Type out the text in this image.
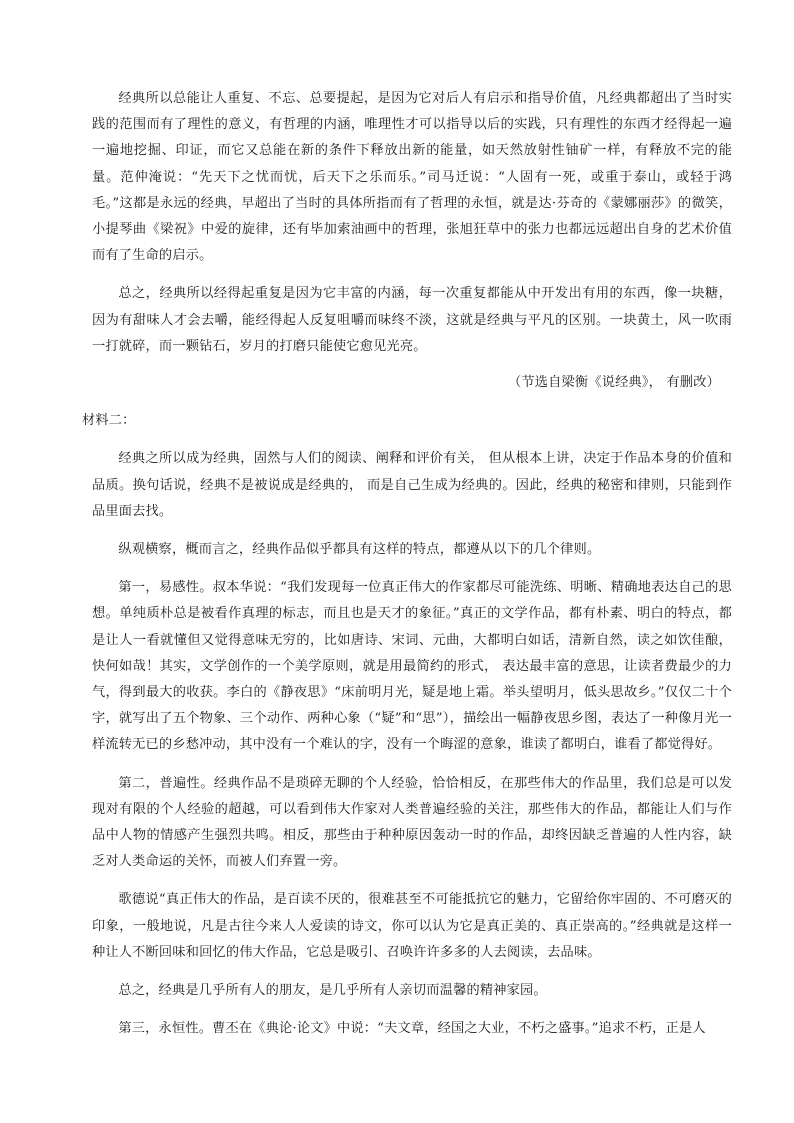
经典所以总能让人重复、不忘、总要提起，是因为它对后人有启示和指导价值，凡经典都超出了当时实践的范围而有了理性的意义，有哲理的内涵，唯理性才可以指导以后的实践，只有理性的东西才经得起一遍一遍地挖掘、印证，而它又总能在新的条件下释放出新的能量，如天然放射性铀矿一样，有释放不完的能量。范仲淹说：“先天下之忧而忧，后天下之乐而乐。”司马迁说：“人固有一死，或重于泰山，或轻于鸿毛。”这都是永远的经典，早超出了当时的具体所指而有了哲理的永恒，就是达·芬奇的《蒙娜丽莎》的微笑，小提琴曲《梁祝》中爱的旋律，还有毕加索油画中的哲理，张旭狂草中的张力也都远远超出自身的艺术价值而有了生命的启示。

总之，经典所以经得起重复是因为它丰富的内涵，每一次重复都能从中开发出有用的东西，像一块糖，因为有甜味人才会去嚼，能经得起人反复咀嚼而味终不淡，这就是经典与平凡的区别。一块黄土，风一吹雨一打就碎，而一颗钻石，岁月的打磨只能使它愈见光亮。

（节选自梁衡《说经典》， 有删改）

材料二：

经典之所以成为经典，固然与人们的阅读、阐释和评价有关， 但从根本上讲，决定于作品本身的价值和品质。换句话说，经典不是被说成是经典的， 而是自己生成为经典的。因此，经典的秘密和律则，只能到作品里面去找。

纵观横察，概而言之，经典作品似乎都具有这样的特点，都遵从以下的几个律则。

第一，易感性。叔本华说：“我们发现每一位真正伟大的作家都尽可能洗练、明晰、精确地表达自己的思想。单纯质朴总是被看作真理的标志，而且也是天才的象征。”真正的文学作品，都有朴素、明白的特点，都是让人一看就懂但又觉得意味无穷的，比如唐诗、宋词、元曲，大都明白如话，清新自然，读之如饮佳酿，快何如哉！其实，文学创作的一个美学原则，就是用最简约的形式， 表达最丰富的意思，让读者费最少的力气，得到最大的收获。李白的《静夜思》“床前明月光，疑是地上霜。举头望明月，低头思故乡。”仅仅二十个字，就写出了五个物象、三个动作、两种心象（“疑”和“思”），描绘出一幅静夜思乡图，表达了一种像月光一样流转无已的乡愁冲动，其中没有一个难认的字，没有一个晦涩的意象，谁读了都明白，谁看了都觉得好。

第二，普遍性。经典作品不是琐碎无聊的个人经验，恰恰相反，在那些伟大的作品里，我们总是可以发现对有限的个人经验的超越，可以看到伟大作家对人类普遍经验的关注，那些伟大的作品，都能让人们与作品中人物的情感产生强烈共鸣。相反，那些由于种种原因轰动一时的作品，却终因缺乏普遍的人性内容，缺乏对人类命运的关怀，而被人们弃置一旁。

歌德说“真正伟大的作品，是百读不厌的，很难甚至不可能抵抗它的魅力，它留给你牢固的、不可磨灭的印象，一般地说，凡是古往今来人人爱读的诗文，你可以认为它是真正美的、真正崇高的。”经典就是这样一种让人不断回味和回忆的伟大作品，它总是吸引、召唤许许多多的人去阅读，去品味。

总之，经典是几乎所有人的朋友，是几乎所有人亲切而温馨的精神家园。

第三，永恒性。曹丕在《典论·论文》中说：“夫文章，经国之大业，不朽之盛事。”追求不朽，正是人
